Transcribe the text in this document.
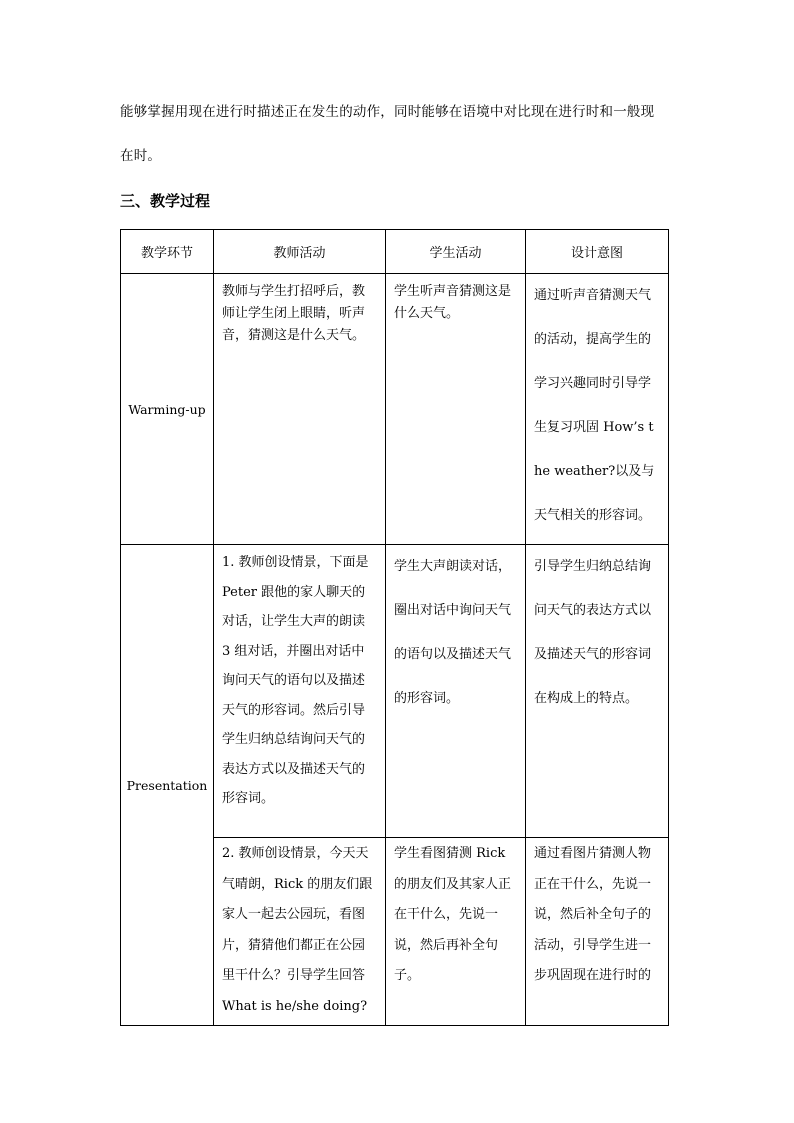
能够掌握用现在进行时描述正在发生的动作，同时能够在语境中对比现在进行时和一般现

在时。

三、教学过程
教学环节	教师活动	学生活动	设计意图
Warming-up	教师与学生打招呼后，教师让学生闭上眼睛，听声音，猜测这是什么天气。	学生听声音猜测这是什么天气。	通过听声音猜测天气的活动，提高学生的学习兴趣同时引导学生复习巩固 How’s the weather?以及与天气相关的形容词。
Presentation	1. 教师创设情景，下面是 Peter 跟他的家人聊天的对话，让学生大声的朗读 3 组对话，并圈出对话中询问天气的语句以及描述天气的形容词。然后引导学生归纳总结询问天气的表达方式以及描述天气的形容词。	学生大声朗读对话，圈出对话中询问天气的语句以及描述天气的形容词。	引导学生归纳总结询问天气的表达方式以及描述天气的形容词在构成上的特点。
	2. 教师创设情景，今天天气晴朗，Rick 的朋友们跟家人一起去公园玩，看图片，猜猜他们都正在公园里干什么？引导学生回答 What is he/she doing?	学生看图猜测 Rick 的朋友们及其家人正在干什么，先说一说，然后再补全句子。	通过看图片猜测人物正在干什么，先说一说，然后补全句子的活动，引导学生进一步巩固现在进行时的
